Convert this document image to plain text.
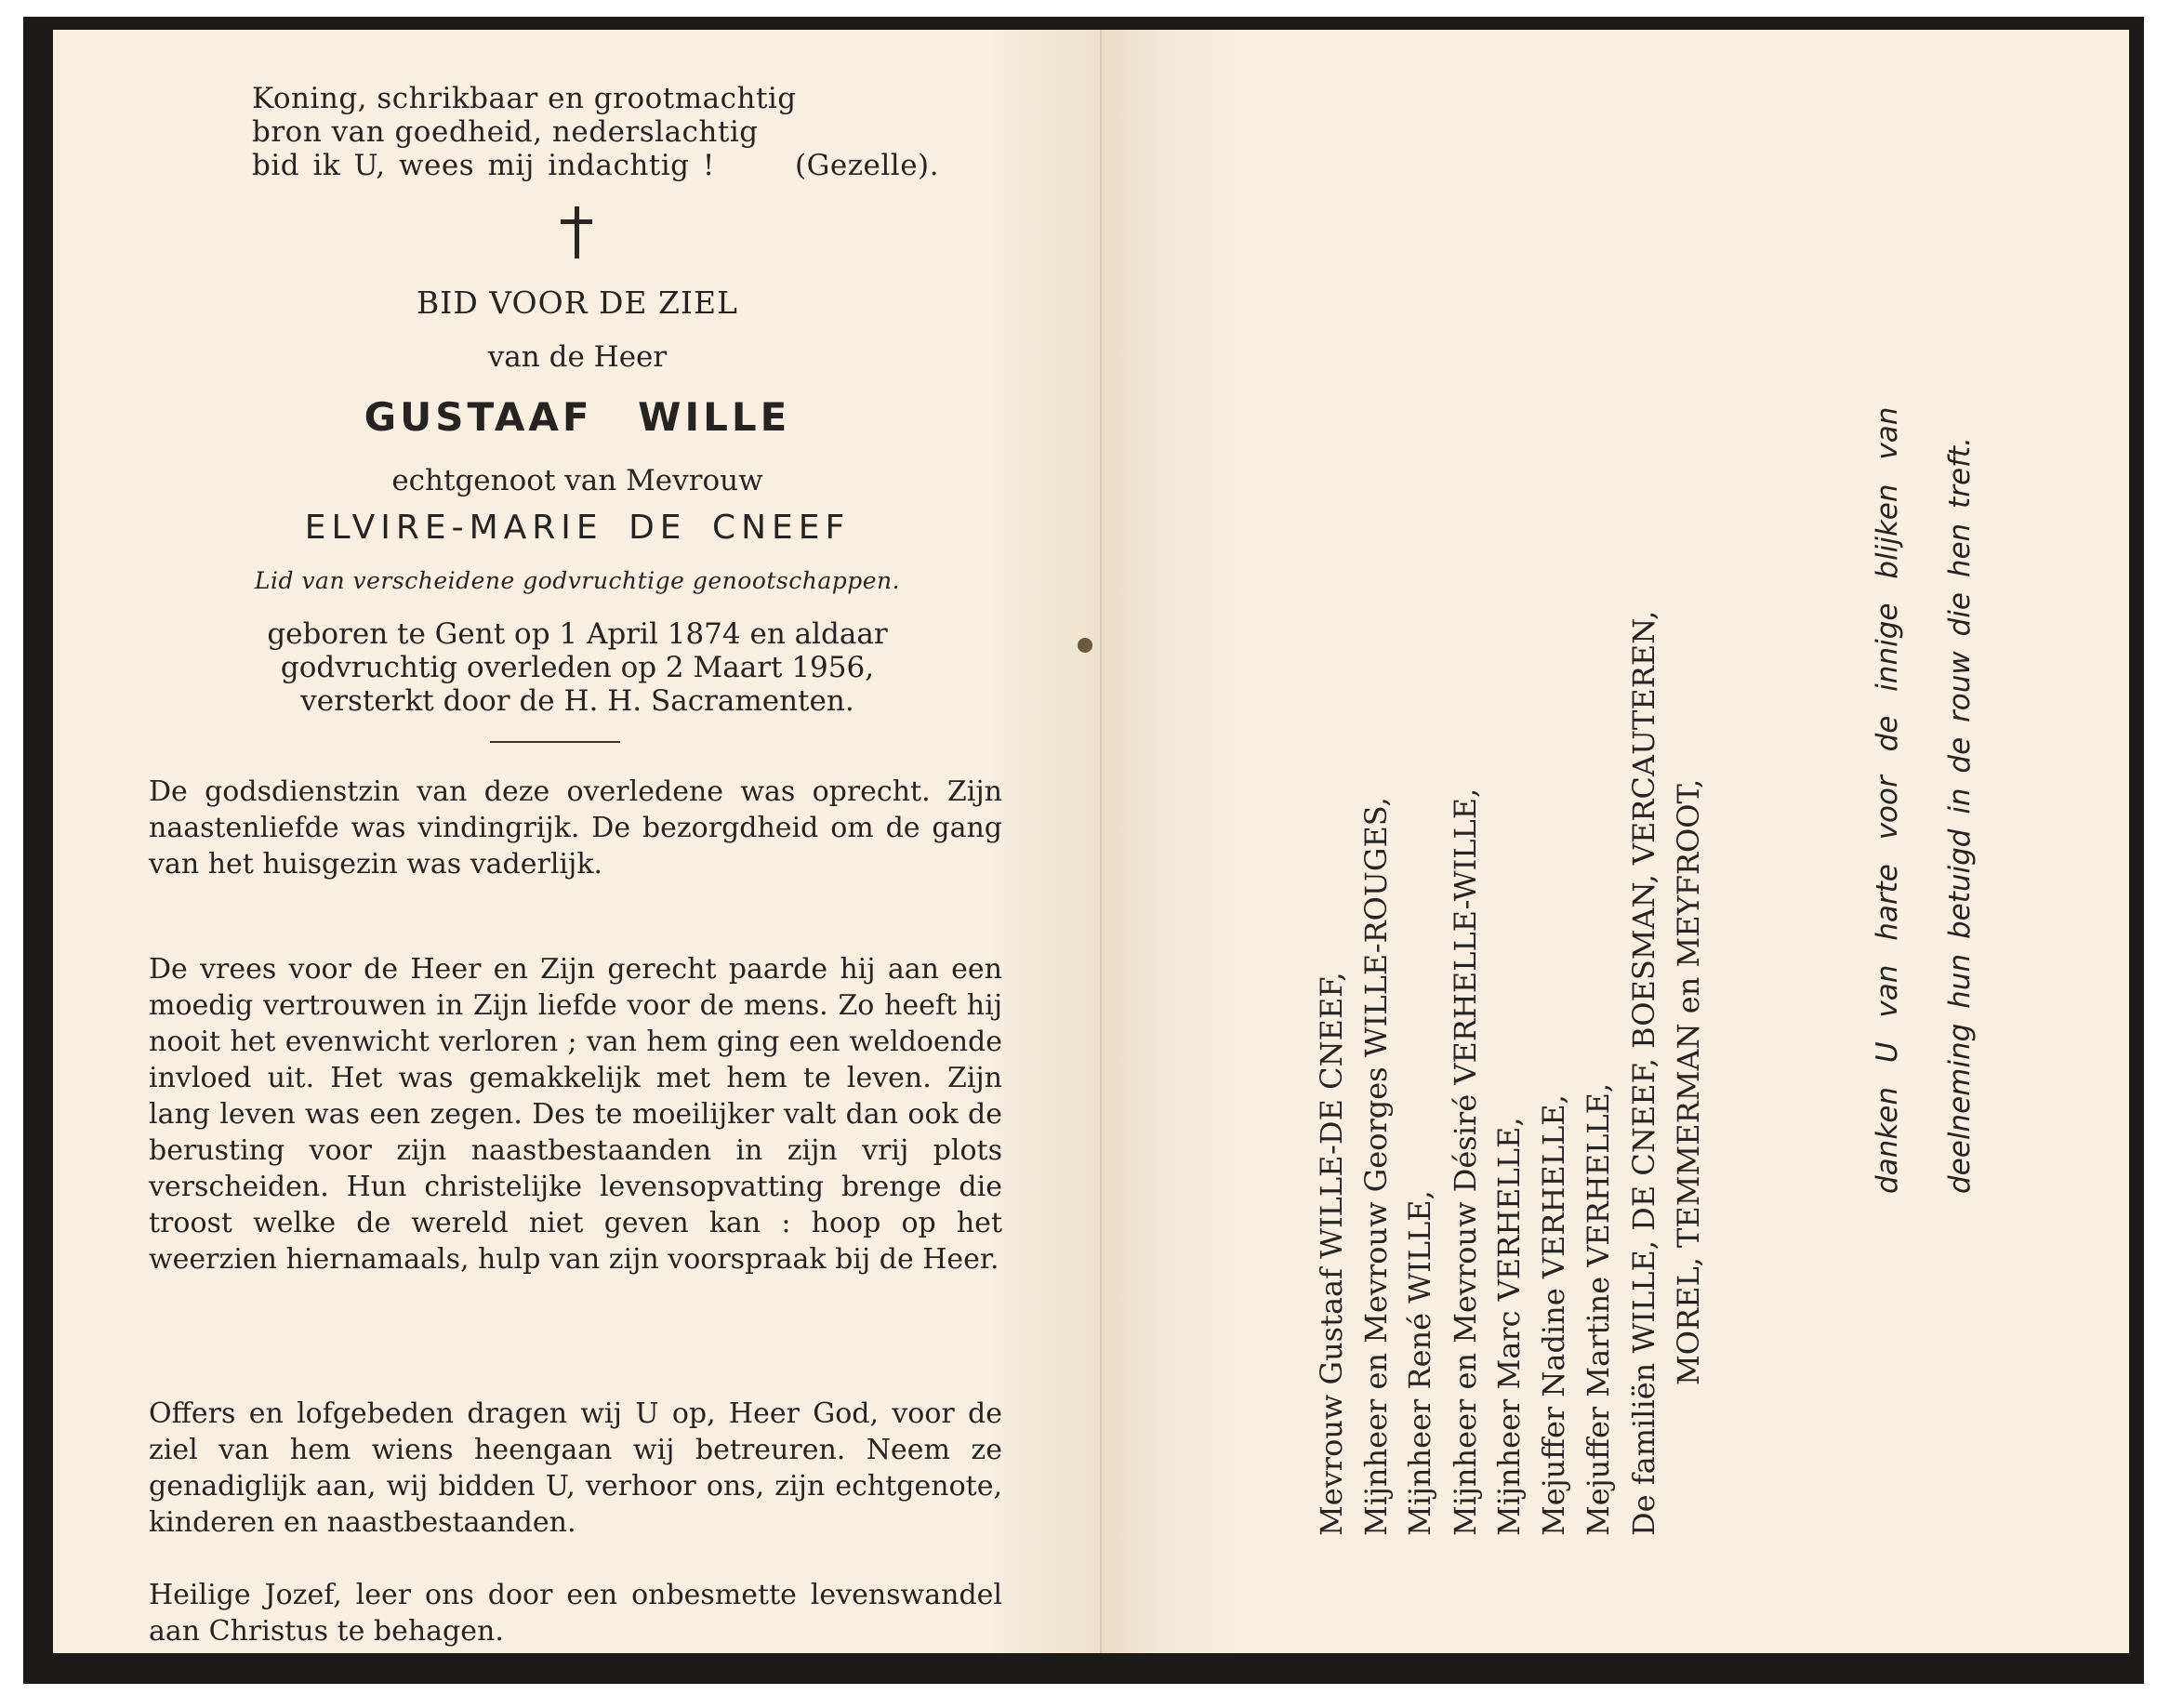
Koning, schrikbaar en grootmachtig
bron van goedheid, nederslachtig
bid ik U, wees mij indachtig !	(Gezelle).
BID VOOR DE ZIEL
van de Heer
GUSTAAF WILLE
echtgenoot van Mevrouw
ELVIRE-MARIE DE CNEEF
Lid van verscheidene godvruchtige genootschappen.
geboren te Gent op 1 April 1874 en aldaar
godvruchtig overleden op 2 Maart 1956,
versterkt door de H. H. Sacramenten.

De godsdienstzin van deze overledene was oprecht. Zijn naastenliefde was vindingrijk. De bezorgdheid om de gang van het huisgezin was vaderlijk.

De vrees voor de Heer en Zijn gerecht paarde hij aan een moedig vertrouwen in Zijn liefde voor de mens. Zo heeft hij nooit het evenwicht verloren ; van hem ging een weldoende invloed uit. Het was gemakkelijk met hem te leven. Zijn lang leven was een zegen. Des te moeilijker valt dan ook de berusting voor zijn naastbestaanden in zijn vrij plots verscheiden. Hun christelijke levensopvatting brenge die troost welke de wereld niet geven kan : hoop op het weerzien hiernamaals, hulp van zijn voorspraak bij de Heer.

Offers en lofgebeden dragen wij U op, Heer God, voor de ziel van hem wiens heengaan wij betreuren. Neem ze genadiglijk aan, wij bidden U, verhoor ons, zijn echtgenote, kinderen en naastbestaanden.

Heilige Jozef, leer ons door een onbesmette levenswandel aan Christus te behagen.

Mevrouw Gustaaf WILLE-DE CNEEF, Mijnheer en Mevrouw Georges WILLE-ROUGES, Mijnheer René WILLE, Mijnheer en Mevrouw Désiré VERHELLE-WILLE, Mijnheer Marc VERHELLE, Mejuffer Nadine VERHELLE, Mejuffer Martine VERHELLE, De familiën WILLE, DE CNEEF, BOESMAN, VERCAUTEREN, MOREL, TEMMERMAN en MEYFROOT,	danken U van harte voor de innige blijken van deelneming hun betuigd in de rouw die hen treft.
